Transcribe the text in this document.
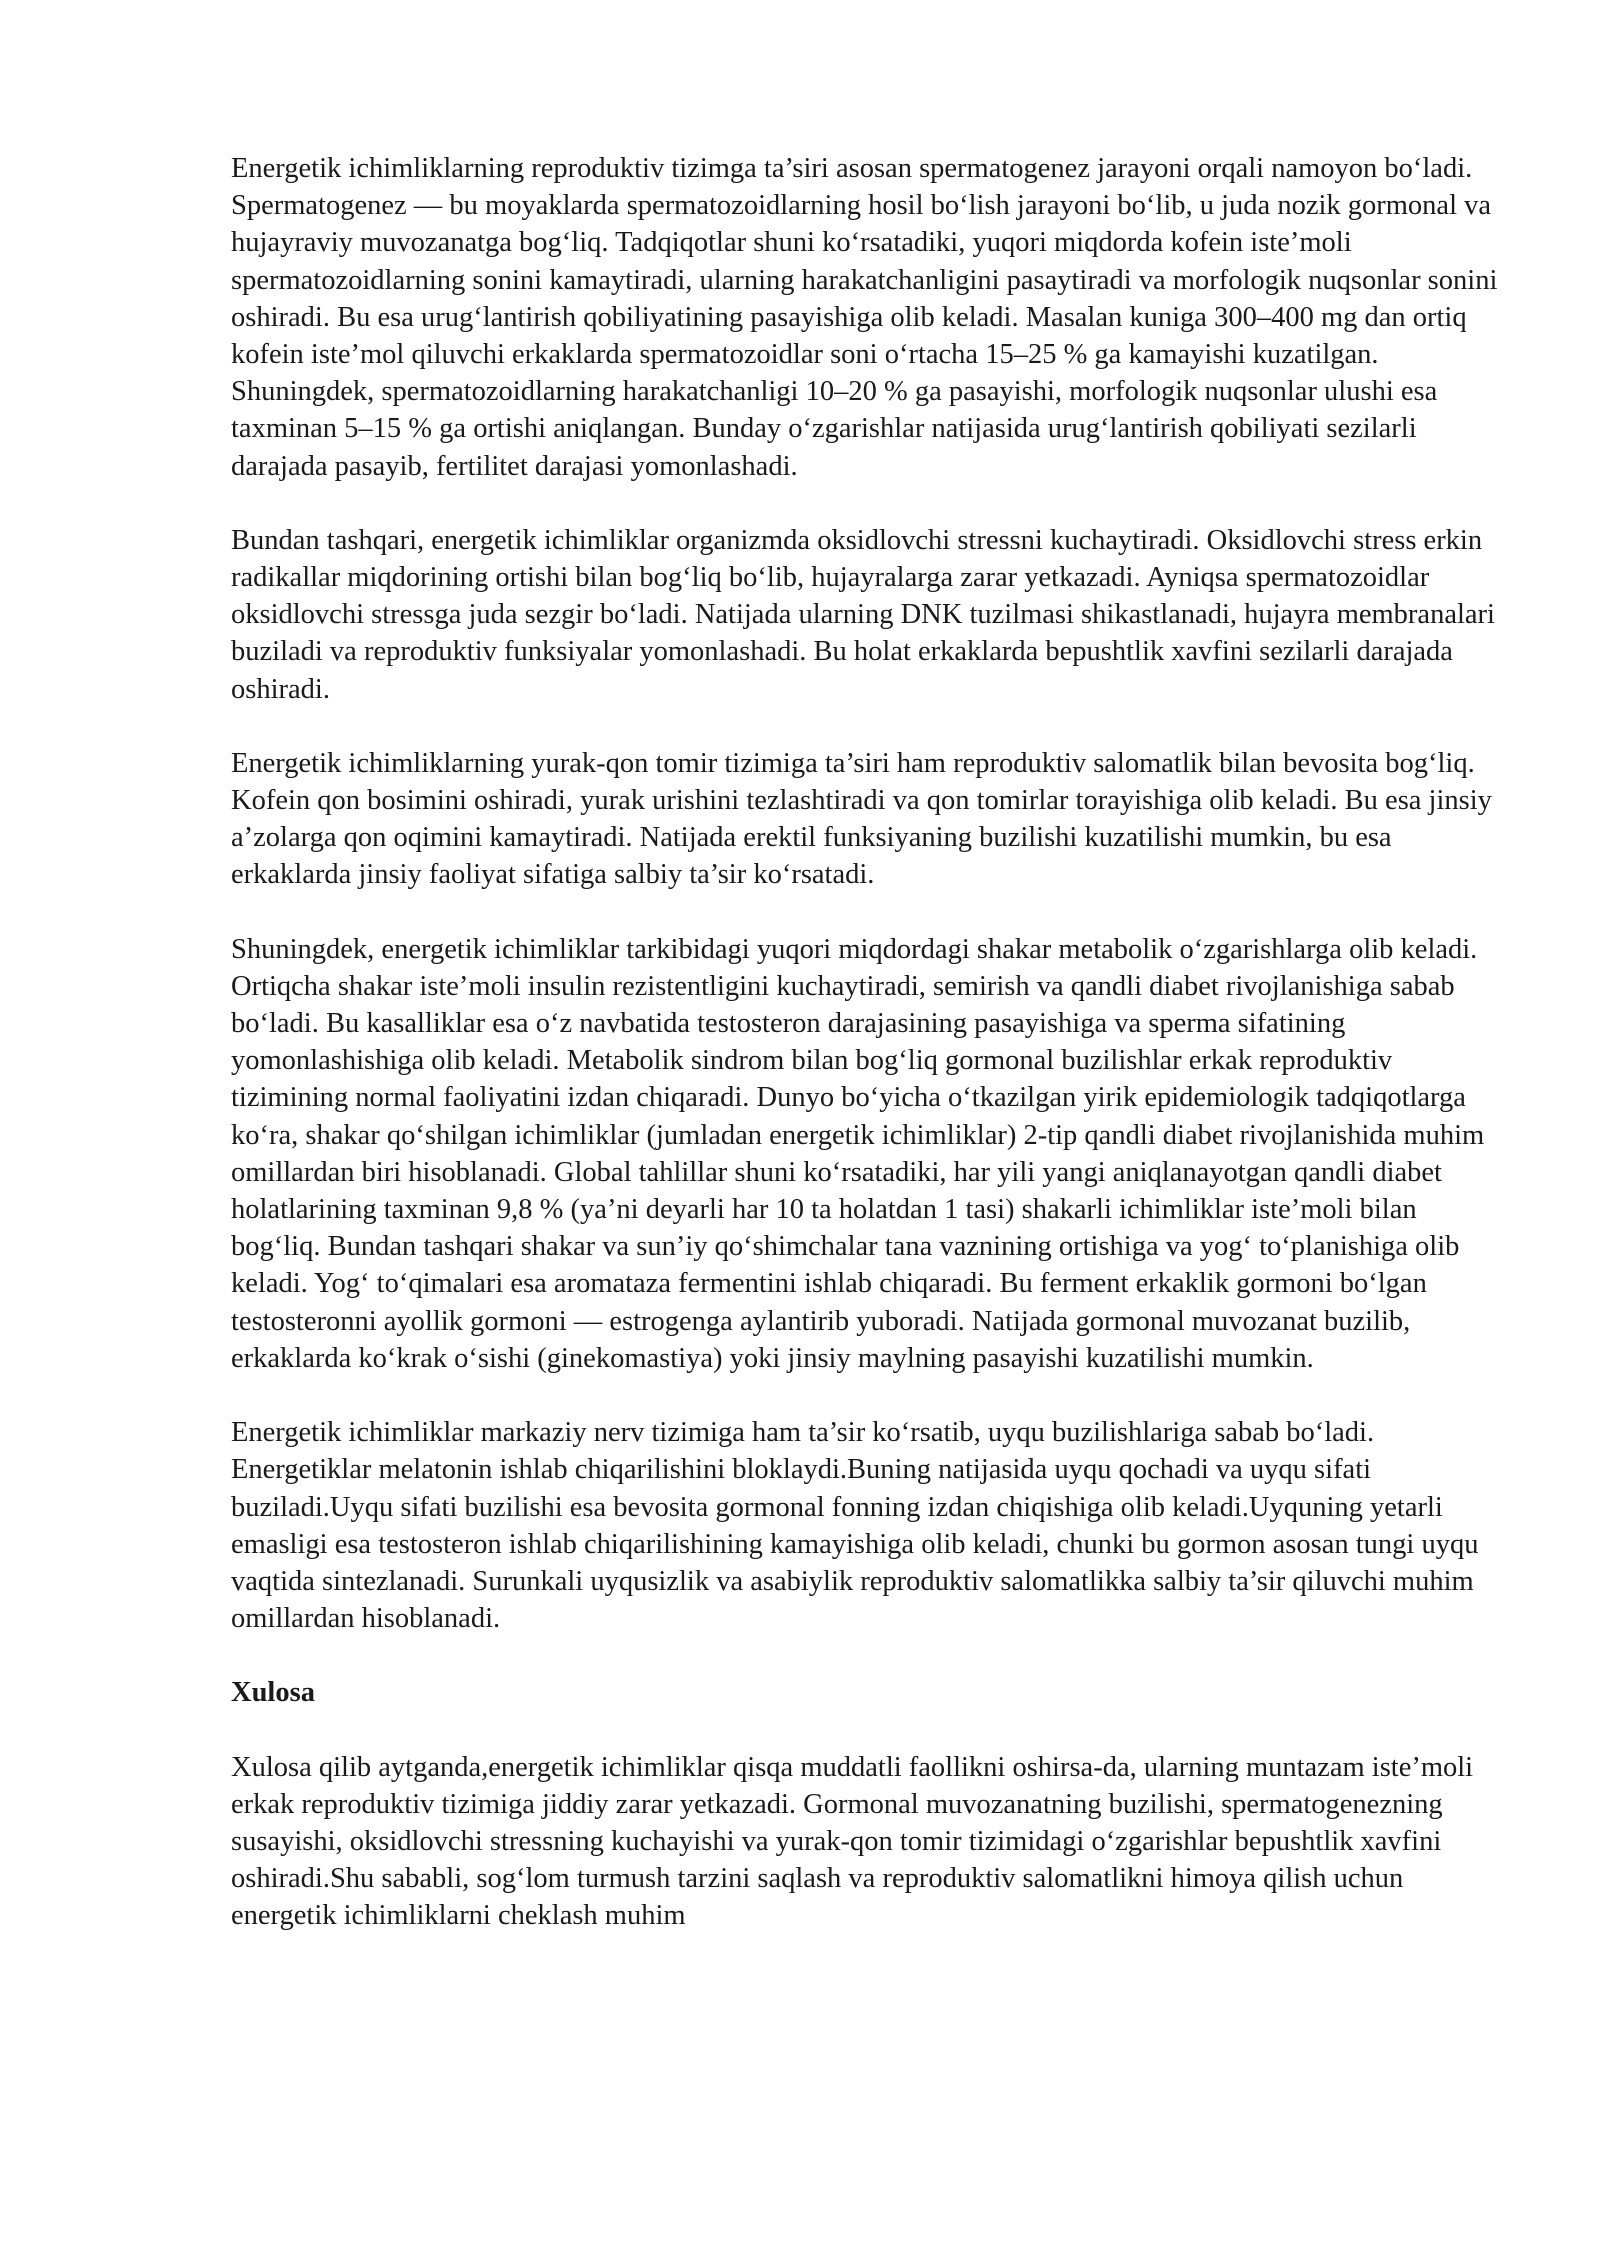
Energetik ichimliklarning reproduktiv tizimga ta’siri asosan spermatogenez jarayoni orqali namoyon bo‘ladi. Spermatogenez — bu moyaklarda spermatozoidlarning hosil bo‘lish jarayoni bo‘lib, u juda nozik gormonal va hujayraviy muvozanatga bog‘liq. Tadqiqotlar shuni ko‘rsatadiki, yuqori miqdorda kofein iste’moli spermatozoidlarning sonini kamaytiradi, ularning harakatchanligini pasaytiradi va morfologik nuqsonlar sonini oshiradi. Bu esa urug‘lantirish qobiliyatining pasayishiga olib keladi. Masalan kuniga 300–400 mg dan ortiq kofein iste’mol qiluvchi erkaklarda spermatozoidlar soni o‘rtacha 15–25 % ga kamayishi kuzatilgan. Shuningdek, spermatozoidlarning harakatchanligi 10–20 % ga pasayishi, morfologik nuqsonlar ulushi esa taxminan 5–15 % ga ortishi aniqlangan. Bunday o‘zgarishlar natijasida urug‘lantirish qobiliyati sezilarli darajada pasayib, fertilitet darajasi yomonlashadi.

Bundan tashqari, energetik ichimliklar organizmda oksidlovchi stressni kuchaytiradi. Oksidlovchi stress erkin radikallar miqdorining ortishi bilan bog‘liq bo‘lib, hujayralarga zarar yetkazadi. Ayniqsa spermatozoidlar oksidlovchi stressga juda sezgir bo‘ladi. Natijada ularning DNK tuzilmasi shikastlanadi, hujayra membranalari buziladi va reproduktiv funksiyalar yomonlashadi. Bu holat erkaklarda bepushtlik xavfini sezilarli darajada oshiradi.

Energetik ichimliklarning yurak-qon tomir tizimiga ta’siri ham reproduktiv salomatlik bilan bevosita bog‘liq. Kofein qon bosimini oshiradi, yurak urishini tezlashtiradi va qon tomirlar torayishiga olib keladi. Bu esa jinsiy a’zolarga qon oqimini kamaytiradi. Natijada erektil funksiyaning buzilishi kuzatilishi mumkin, bu esa erkaklarda jinsiy faoliyat sifatiga salbiy ta’sir ko‘rsatadi.

Shuningdek, energetik ichimliklar tarkibidagi yuqori miqdordagi shakar metabolik o‘zgarishlarga olib keladi. Ortiqcha shakar iste’moli insulin rezistentligini kuchaytiradi, semirish va qandli diabet rivojlanishiga sabab bo‘ladi. Bu kasalliklar esa o‘z navbatida testosteron darajasining pasayishiga va sperma sifatining yomonlashishiga olib keladi. Metabolik sindrom bilan bog‘liq gormonal buzilishlar erkak reproduktiv tizimining normal faoliyatini izdan chiqaradi. Dunyo bo‘yicha o‘tkazilgan yirik epidemiologik tadqiqotlarga ko‘ra, shakar qo‘shilgan ichimliklar (jumladan energetik ichimliklar) 2-tip qandli diabet rivojlanishida muhim omillardan biri hisoblanadi. Global tahlillar shuni ko‘rsatadiki, har yili yangi aniqlanayotgan qandli diabet holatlarining taxminan 9,8 % (ya’ni deyarli har 10 ta holatdan 1 tasi) shakarli ichimliklar iste’moli bilan bog‘liq. Bundan tashqari shakar va sun’iy qo‘shimchalar tana vaznining ortishiga va yog‘ to‘planishiga olib keladi. Yog‘ to‘qimalari esa aromataza fermentini ishlab chiqaradi. Bu ferment erkaklik gormoni bo‘lgan testosteronni ayollik gormoni — estrogenga aylantirib yuboradi. Natijada gormonal muvozanat buzilib, erkaklarda ko‘krak o‘sishi (ginekomastiya) yoki jinsiy maylning pasayishi kuzatilishi mumkin.

Energetik ichimliklar markaziy nerv tizimiga ham ta’sir ko‘rsatib, uyqu buzilishlariga sabab bo‘ladi. Energetiklar melatonin ishlab chiqarilishini bloklaydi.Buning natijasida uyqu qochadi va uyqu sifati buziladi.Uyqu sifati buzilishi esa bevosita gormonal fonning izdan chiqishiga olib keladi.Uyquning yetarli emasligi esa testosteron ishlab chiqarilishining kamayishiga olib keladi, chunki bu gormon asosan tungi uyqu vaqtida sintezlanadi. Surunkali uyqusizlik va asabiylik reproduktiv salomatlikka salbiy ta’sir qiluvchi muhim omillardan hisoblanadi.

Xulosa

Xulosa qilib aytganda,energetik ichimliklar qisqa muddatli faollikni oshirsa-da, ularning muntazam iste’moli erkak reproduktiv tizimiga jiddiy zarar yetkazadi. Gormonal muvozanatning buzilishi, spermatogenezning susayishi, oksidlovchi stressning kuchayishi va yurak-qon tomir tizimidagi o‘zgarishlar bepushtlik xavfini oshiradi.Shu sababli, sog‘lom turmush tarzini saqlash va reproduktiv salomatlikni himoya qilish uchun energetik ichimliklarni cheklash muhim
